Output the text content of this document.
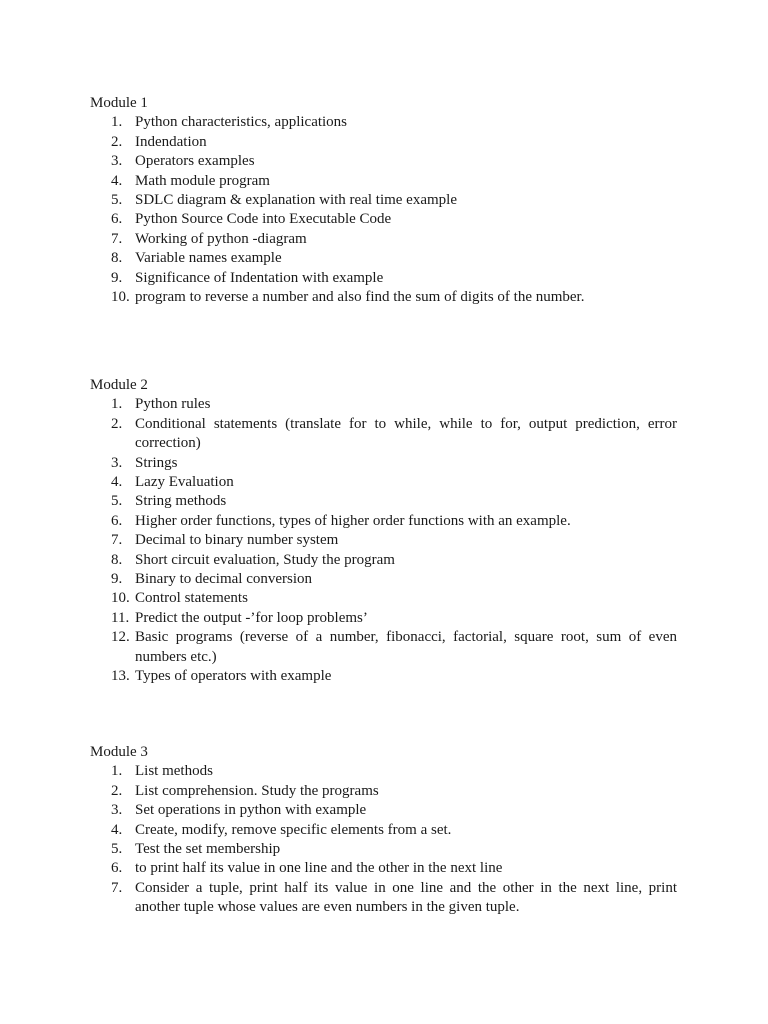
Module 1
1. Python characteristics, applications
2. Indendation
3. Operators examples
4. Math module program
5. SDLC diagram & explanation with real time example
6. Python Source Code into Executable Code
7. Working of python -diagram
8. Variable names example
9. Significance of Indentation with example
10. program to reverse a number and also find the sum of digits of the number.
Module 2
1. Python rules
2. Conditional statements (translate for to while, while to for, output prediction, error correction)
3. Strings
4. Lazy Evaluation
5. String methods
6. Higher order functions, types of higher order functions with an example.
7. Decimal to binary number system
8. Short circuit evaluation, Study the program
9. Binary to decimal conversion
10. Control statements
11. Predict the output -’for loop problems’
12. Basic programs (reverse of a number, fibonacci, factorial, square root, sum of even numbers etc.)
13. Types of operators with example
Module 3
1. List methods
2. List comprehension. Study the programs
3. Set operations in python with example
4. Create, modify, remove specific elements from a set.
5. Test the set membership
6. to print half its value in one line and the other in the next line
7. Consider a tuple, print half its value in one line and the other in the next line, print another tuple whose values are even numbers in the given tuple.
